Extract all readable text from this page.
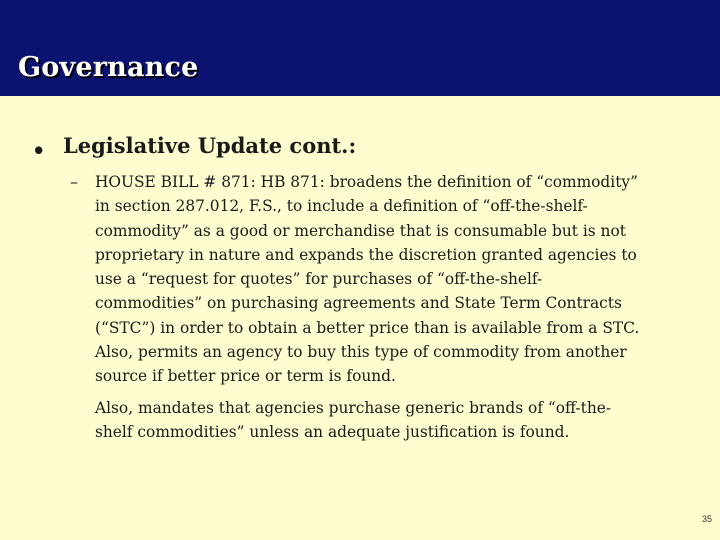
Governance
• Legislative Update cont.:
– HOUSE BILL # 871: HB 871: broadens the definition of “commodity”
in section 287.012, F.S., to include a definition of “off-the-shelf-
commodity” as a good or merchandise that is consumable but is not
proprietary in nature and expands the discretion granted agencies to
use a “request for quotes” for purchases of “off-the-shelf-
commodities” on purchasing agreements and State Term Contracts
(“STC”) in order to obtain a better price than is available from a STC.
Also, permits an agency to buy this type of commodity from another
source if better price or term is found.
Also, mandates that agencies purchase generic brands of “off-the-
shelf commodities” unless an adequate justification is found.
35
